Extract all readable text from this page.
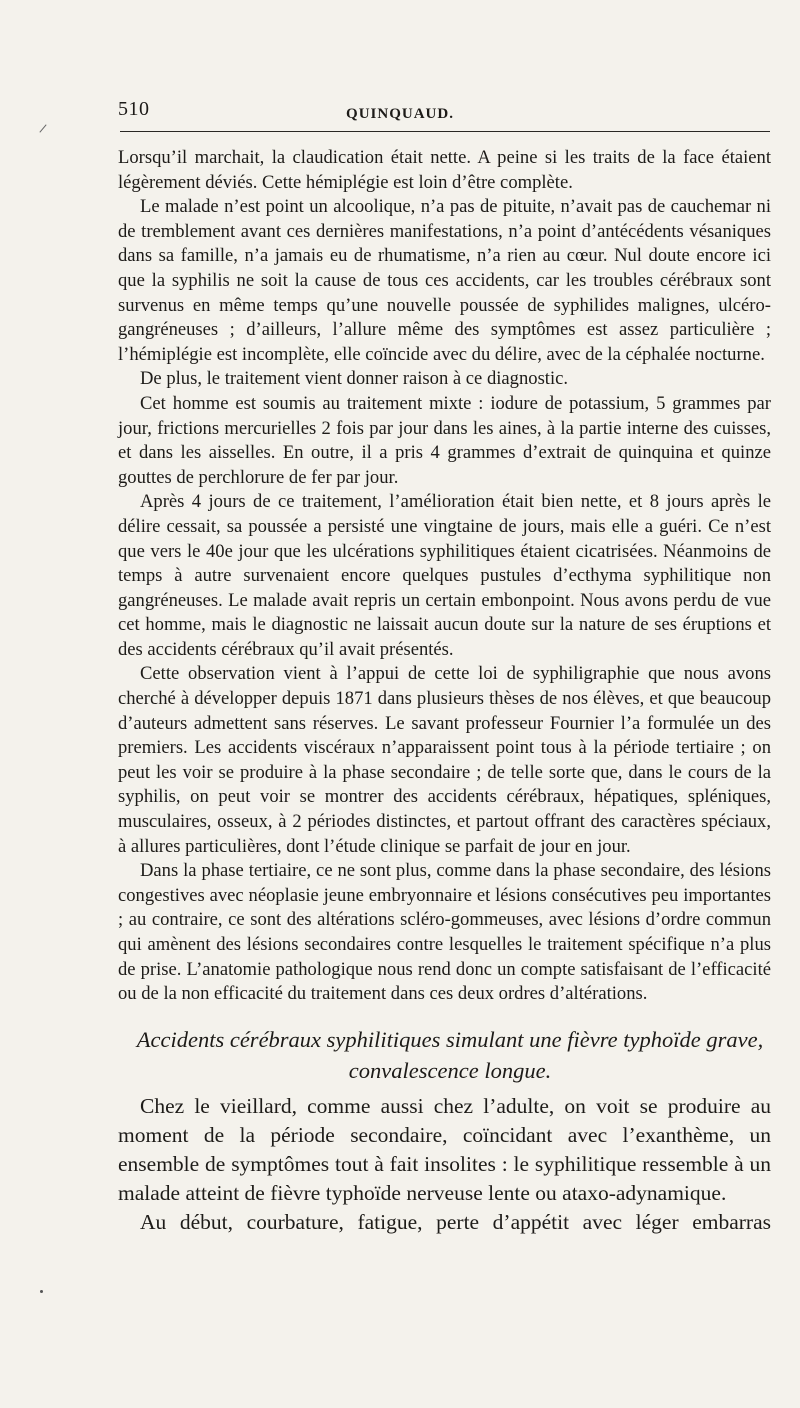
510	QUINQUAUD.

Lorsqu’il marchait, la claudication était nette. A peine si les traits de la face étaient légèrement déviés. Cette hémiplégie est loin d’être complète.

Le malade n’est point un alcoolique, n’a pas de pituite, n’avait pas de cauchemar ni de tremblement avant ces dernières manifestations, n’a point d’antécédents vésaniques dans sa famille, n’a jamais eu de rhumatisme, n’a rien au cœur. Nul doute encore ici que la syphilis ne soit la cause de tous ces accidents, car les troubles cérébraux sont survenus en même temps qu’une nouvelle poussée de syphilides malignes, ulcéro-gangréneuses ; d’ailleurs, l’allure même des symptômes est assez particulière ; l’hémiplégie est incomplète, elle coïncide avec du délire, avec de la céphalée nocturne.

De plus, le traitement vient donner raison à ce diagnostic.

Cet homme est soumis au traitement mixte : iodure de potassium, 5 grammes par jour, frictions mercurielles 2 fois par jour dans les aines, à la partie interne des cuisses, et dans les aisselles. En outre, il a pris 4 grammes d’extrait de quinquina et quinze gouttes de perchlorure de fer par jour.

Après 4 jours de ce traitement, l’amélioration était bien nette, et 8 jours après le délire cessait, sa poussée a persisté une vingtaine de jours, mais elle a guéri. Ce n’est que vers le 40e jour que les ulcérations syphilitiques étaient cicatrisées. Néanmoins de temps à autre survenaient encore quelques pustules d’ecthyma syphilitique non gangréneuses. Le malade avait repris un certain embonpoint. Nous avons perdu de vue cet homme, mais le diagnostic ne laissait aucun doute sur la nature de ses éruptions et des accidents cérébraux qu’il avait présentés.

Cette observation vient à l’appui de cette loi de syphiligraphie que nous avons cherché à développer depuis 1871 dans plusieurs thèses de nos élèves, et que beaucoup d’auteurs admettent sans réserves. Le savant professeur Fournier l’a formulée un des premiers. Les accidents viscéraux n’apparaissent point tous à la période tertiaire ; on peut les voir se produire à la phase secondaire ; de telle sorte que, dans le cours de la syphilis, on peut voir se montrer des accidents cérébraux, hépatiques, spléniques, musculaires, osseux, à 2 périodes distinctes, et partout offrant des caractères spéciaux, à allures particulières, dont l’étude clinique se parfait de jour en jour.

Dans la phase tertiaire, ce ne sont plus, comme dans la phase secondaire, des lésions congestives avec néoplasie jeune embryonnaire et lésions consécutives peu importantes ; au contraire, ce sont des altérations scléro-gommeuses, avec lésions d’ordre commun qui amènent des lésions secondaires contre lesquelles le traitement spécifique n’a plus de prise. L’anatomie pathologique nous rend donc un compte satisfaisant de l’efficacité ou de la non efficacité du traitement dans ces deux ordres d’altérations.

Accidents cérébraux syphilitiques simulant une fièvre typhoïde grave,
convalescence longue.

Chez le vieillard, comme aussi chez l’adulte, on voit se produire au moment de la période secondaire, coïncidant avec l’exanthème, un ensemble de symptômes tout à fait insolites : le syphilitique ressemble à un malade atteint de fièvre typhoïde nerveuse lente ou ataxo-adynamique.

Au début, courbature, fatigue, perte d’appétit avec léger embarras
